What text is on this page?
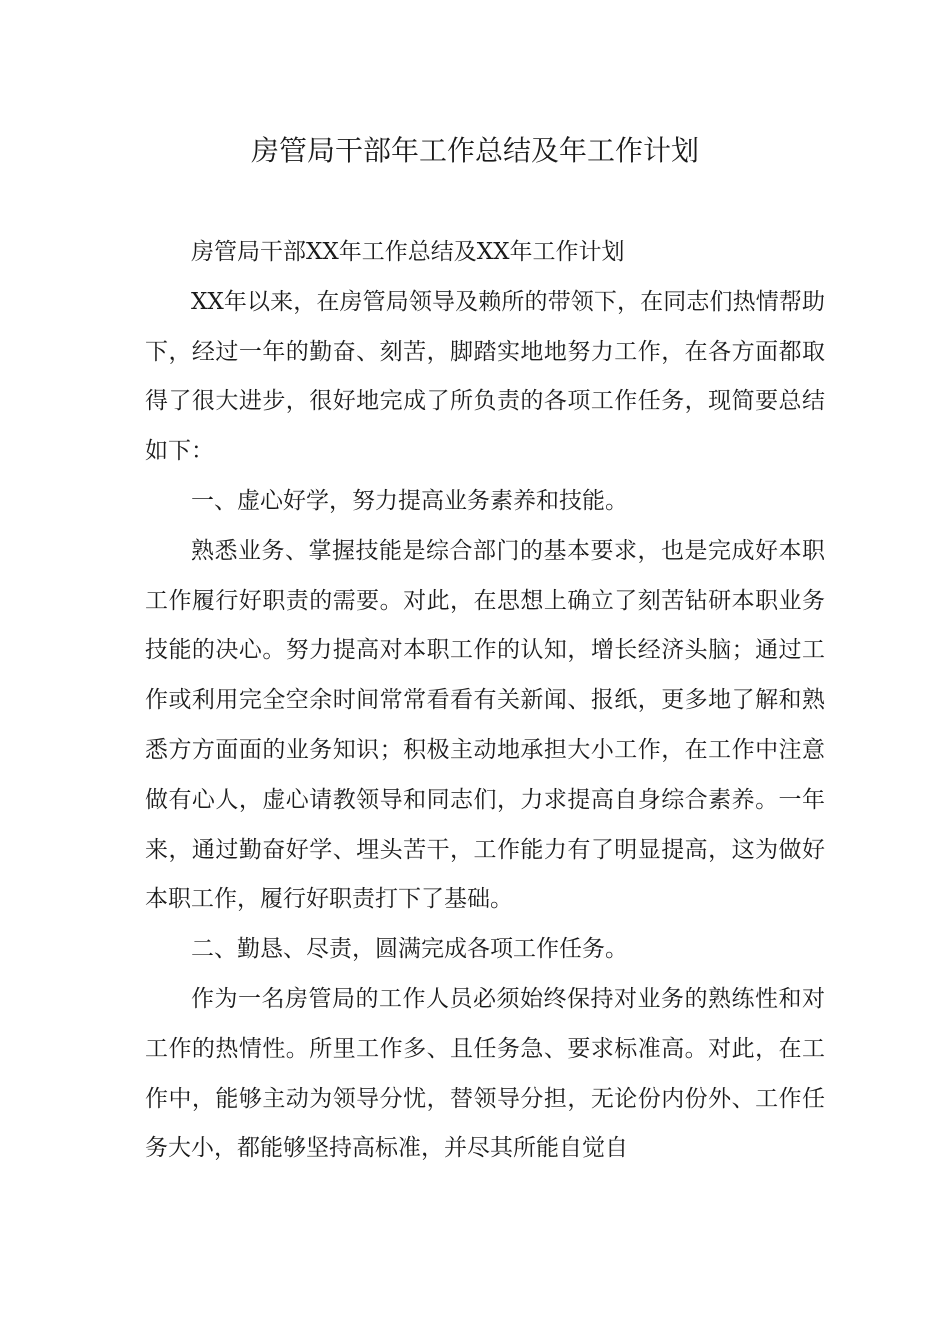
房管局干部年工作总结及年工作计划

房管局干部XX年工作总结及XX年工作计划

XX年以来，在房管局领导及赖所的带领下，在同志们热情帮助下，经过一年的勤奋、刻苦，脚踏实地地努力工作，在各方面都取得了很大进步，很好地完成了所负责的各项工作任务，现简要总结如下：

一、虚心好学，努力提高业务素养和技能。

熟悉业务、掌握技能是综合部门的基本要求，也是完成好本职工作履行好职责的需要。对此，在思想上确立了刻苦钻研本职业务技能的决心。努力提高对本职工作的认知，增长经济头脑；通过工作或利用完全空余时间常常看看有关新闻、报纸，更多地了解和熟悉方方面面的业务知识；积极主动地承担大小工作，在工作中注意做有心人，虚心请教领导和同志们，力求提高自身综合素养。一年来，通过勤奋好学、埋头苦干，工作能力有了明显提高，这为做好本职工作，履行好职责打下了基础。

二、勤恳、尽责，圆满完成各项工作任务。

作为一名房管局的工作人员必须始终保持对业务的熟练性和对工作的热情性。所里工作多、且任务急、要求标准高。对此，在工作中，能够主动为领导分忧，替领导分担，无论份内份外、工作任务大小，都能够坚持高标准，并尽其所能自觉自
